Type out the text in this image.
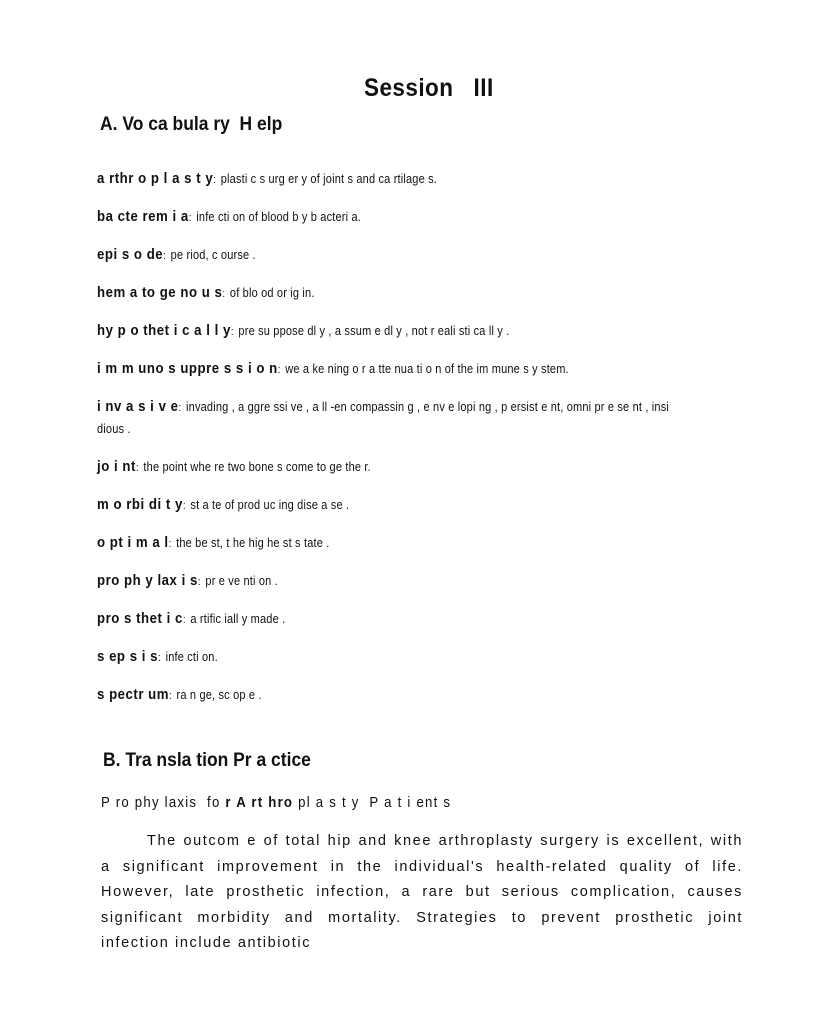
Session   III
A. Vo ca bula ry  H elp
a rthr o p l a s t y: plasti c s urg er y of joint s and ca rtilage s.
ba cte rem i a: infe cti on of blood b y b acteri a.
epi s o de: pe riod, c ourse .
hem a to ge no u s: of blo od or ig in.
hy p o thet i c a l l y: pre su ppose dl y , a ssum e dl y , not r eali sti ca ll y .
i m m uno s uppre s s i o n: we a ke ning o r a tte nua ti o n of the im mune s y stem.
i nv a s i v e: invading , a ggre ssi ve , a ll -en compassin g , e nv e lopi ng , p ersist e nt, omni pr e se nt , insi dious .
jo i nt: the point whe re two bone s come to ge the r.
m o rbi di t y: st a te of prod uc ing dise a se .
o pt i m a l: the be st, t he hig he st s tate .
pro ph y lax i s: pr e ve nti on .
pro s thet i c: a rtific iall y made .
s ep s i s: infe cti on.
s pectr um: ra n ge, sc op e .
B. Tra nsla tion Pr a ctice
P ro phy laxis  fo r A rt hro pl a s t y  P a t i ent s

The outcom e of total hip and knee arthroplasty surgery is excellent, with a significant improvement in the individual's health-related quality of life. However, late prosthetic infection, a rare but serious complication, causes significant morbidity and mortality. Strategies to prevent prosthetic joint infection include antibiotic
